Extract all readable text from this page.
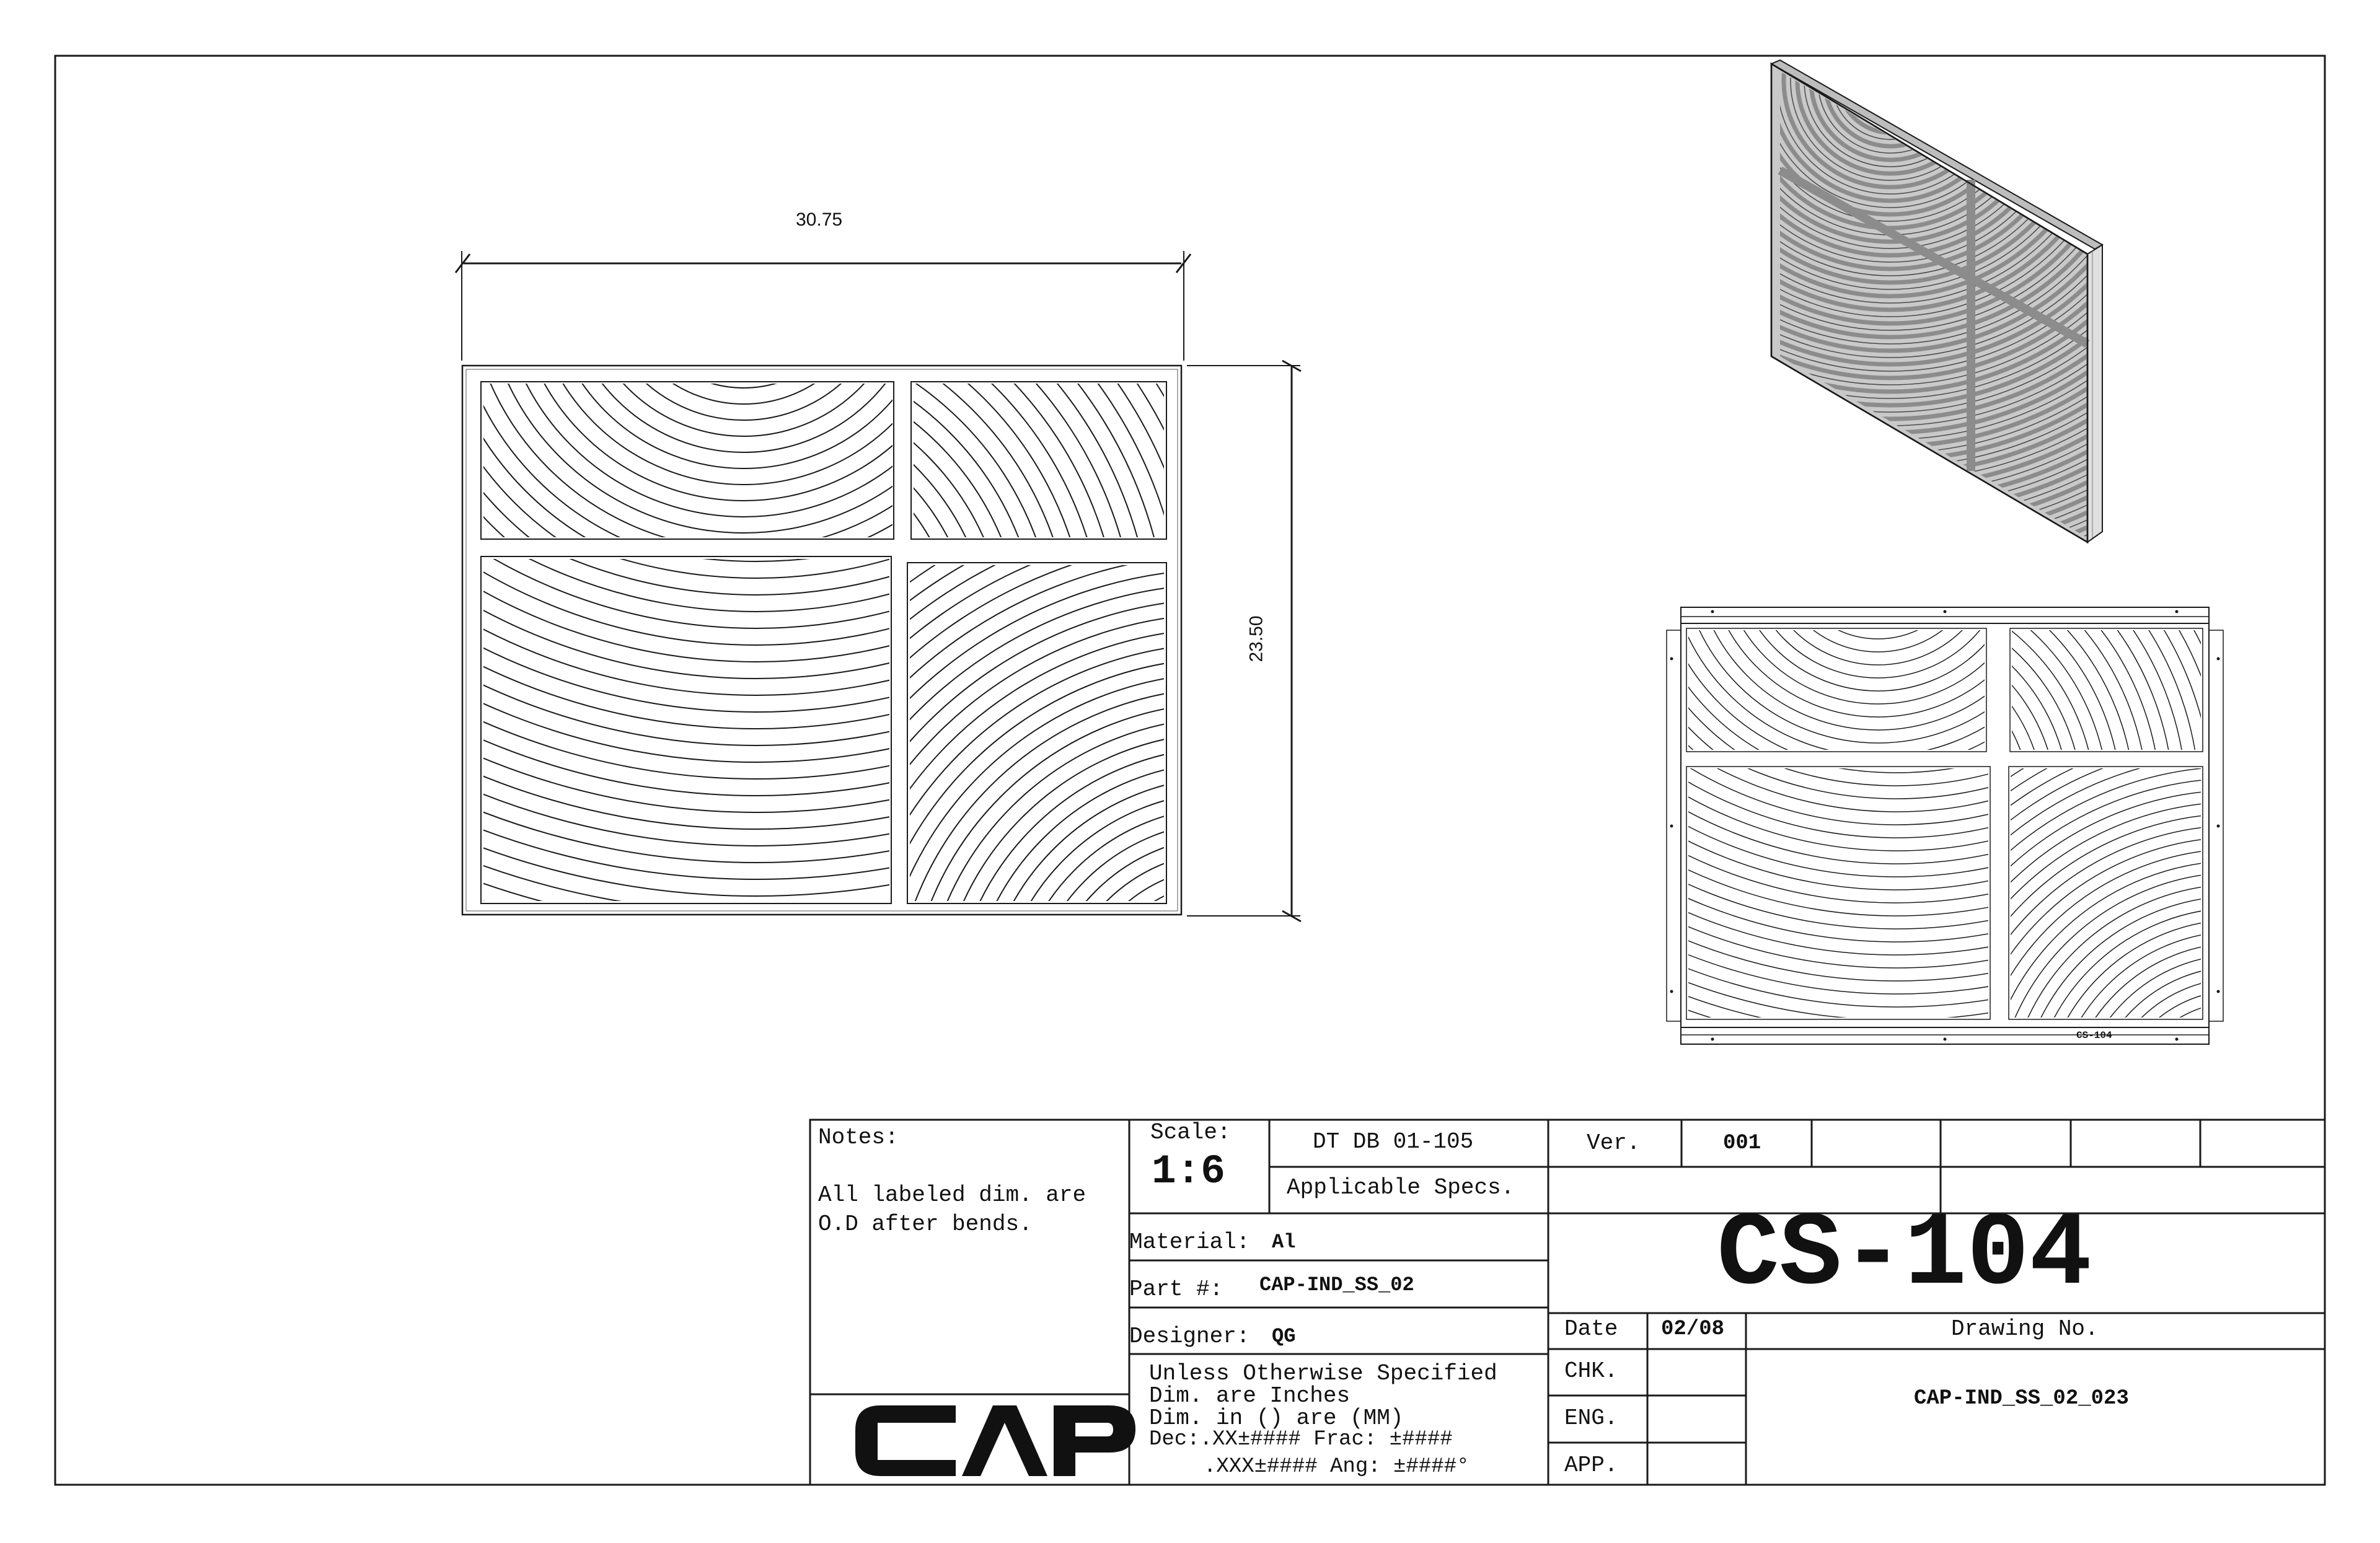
30.75
23.50
CS-104
Notes:
All labeled dim. are
O.D after bends.
Scale:
1:6
DT DB 01-105
Applicable Specs.
Material: Al
Part #: CAP-IND_SS_02
Designer: QG
Unless Otherwise Specified
Dim. are Inches
Dim. in () are (MM)
Dec:.XX±#### Frac: ±####
.XXX±#### Ang: ±####°
Ver.	001
CS-104
Date 02/08	Drawing No.
CAP-IND_SS_02_023
CHK.
ENG.
APP.
